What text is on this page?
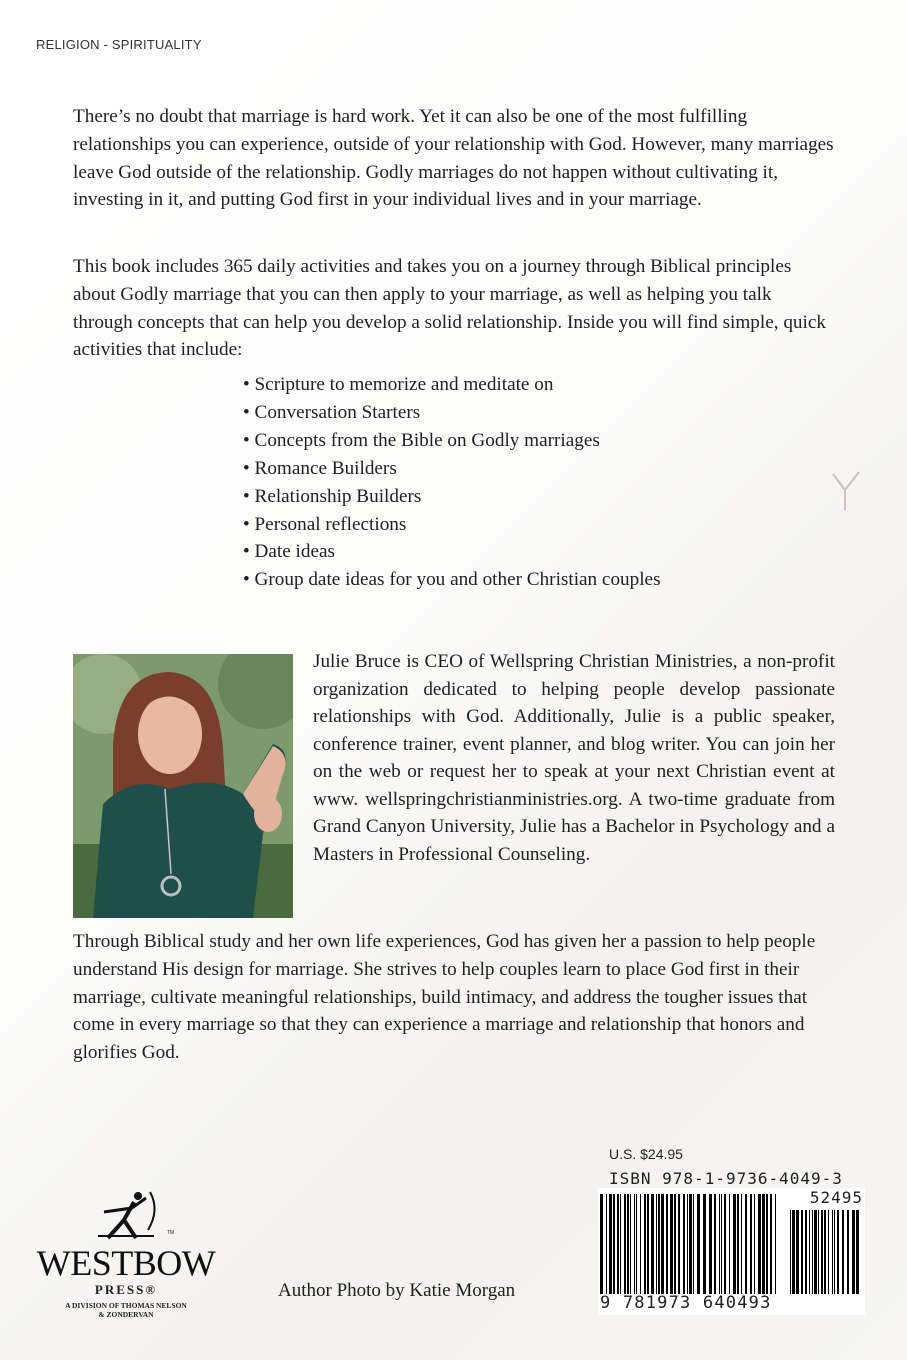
RELIGION - SPIRITUALITY

There’s no doubt that marriage is hard work. Yet it can also be one of the most fulfilling relationships you can experience, outside of your relationship with God. However, many marriages leave God outside of the relationship. Godly marriages do not happen without cultivating it, investing in it, and putting God first in your individual lives and in your marriage.

This book includes 365 daily activities and takes you on a journey through Biblical principles about Godly marriage that you can then apply to your marriage, as well as helping you talk through concepts that can help you develop a solid relationship. Inside you will find simple, quick activities that include:

• Scripture to memorize and meditate on
• Conversation Starters
• Concepts from the Bible on Godly marriages
• Romance Builders
• Relationship Builders
• Personal reflections
• Date ideas
• Group date ideas for you and other Christian couples

Julie Bruce is CEO of Wellspring Christian Ministries, a non-profit organization dedicated to helping people develop passionate relationships with God. Additionally, Julie is a public speaker, conference trainer, event planner, and blog writer. You can join her on the web or request her to speak at your next Christian event at www. wellspringchristianministries.org. A two-time graduate from Grand Canyon University, Julie has a Bachelor in Psychology and a Masters in Professional Counseling.

Through Biblical study and her own life experiences, God has given her a passion to help people understand His design for marriage. She strives to help couples learn to place God first in their marriage, cultivate meaningful relationships, build intimacy, and address the tougher issues that come in every marriage so that they can experience a marriage and relationship that honors and glorifies God.

TM
WESTBOW
PRESS®
A DIVISION OF THOMAS NELSON
& ZONDERVAN
Author Photo by Katie Morgan
U.S. $24.95
ISBN 978-1-9736-4049-3
52495
9 781973 640493
